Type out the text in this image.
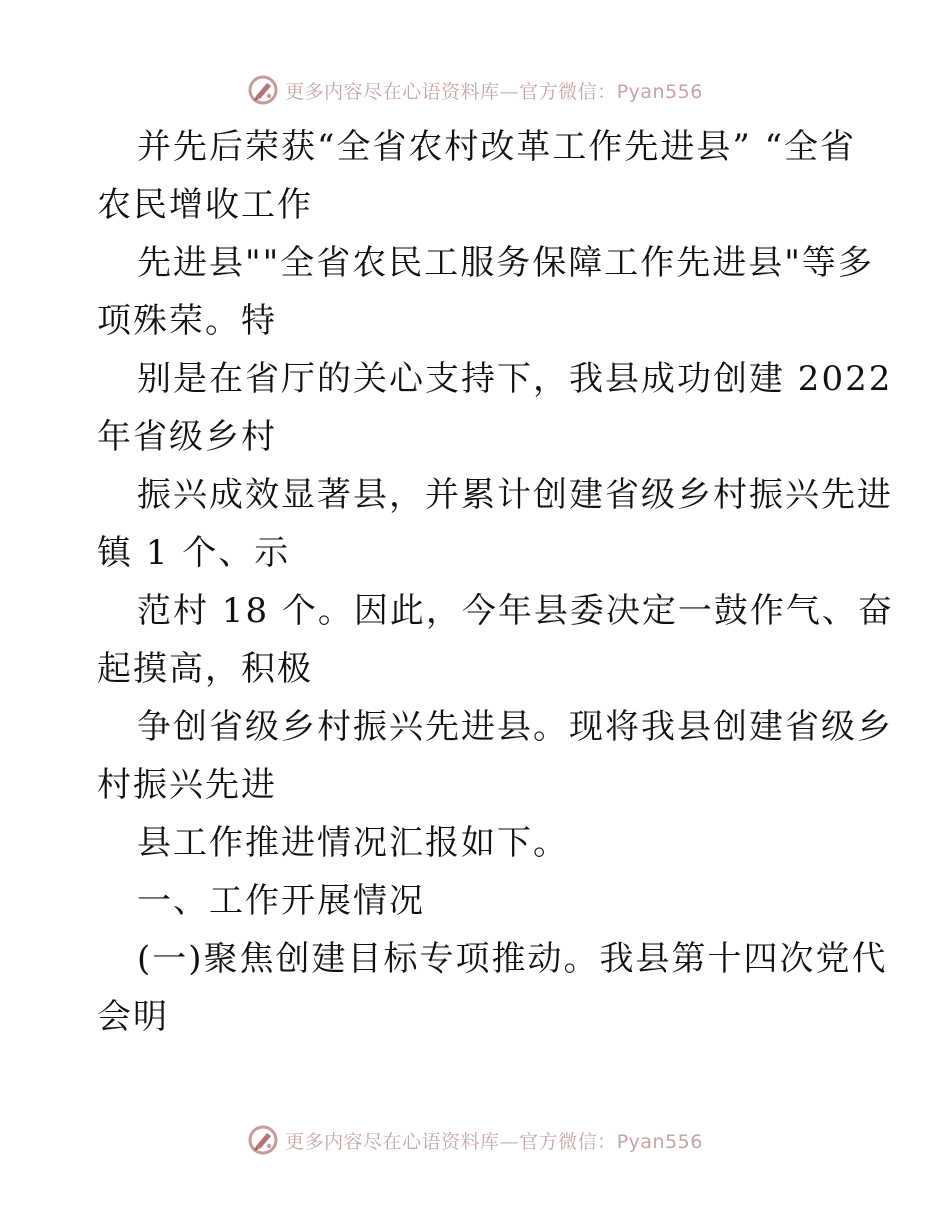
更多内容尽在心语资料库—官方微信：Pyan556
并先后荣获“全省农村改革工作先进县” “全省
农民增收工作
先进县""全省农民工服务保障工作先进县"等多
项殊荣。特
别是在省厅的关心支持下，我县成功创建 2022
年省级乡村
振兴成效显著县，并累计创建省级乡村振兴先进
镇 1 个、示
范村 18 个。因此，今年县委决定一鼓作气、奋
起摸高，积极
争创省级乡村振兴先进县。现将我县创建省级乡
村振兴先进
县工作推进情况汇报如下。
一、工作开展情况
(一)聚焦创建目标专项推动。我县第十四次党代
会明
更多内容尽在心语资料库—官方微信：Pyan556
